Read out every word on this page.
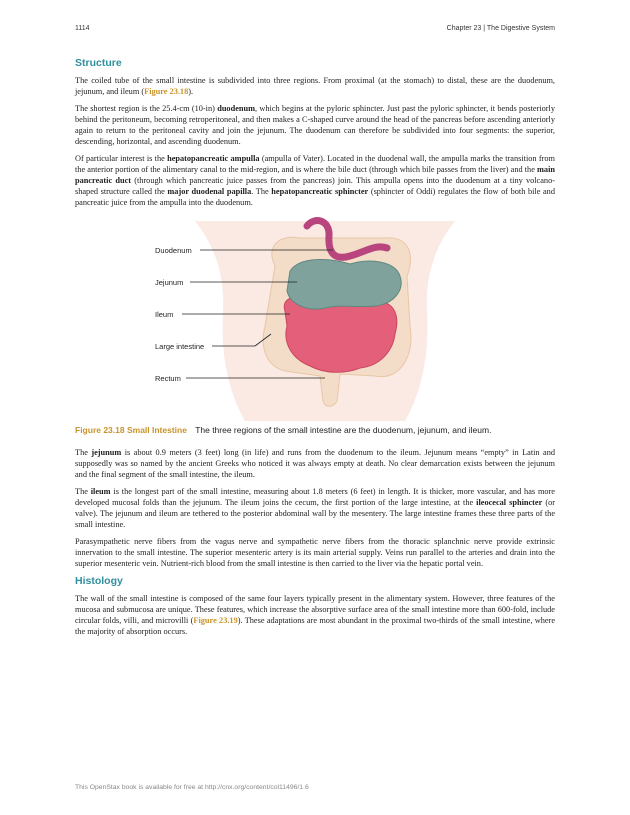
1114	Chapter 23 | The Digestive System
Structure

The coiled tube of the small intestine is subdivided into three regions. From proximal (at the stomach) to distal, these are the duodenum, jejunum, and ileum (Figure 23.18).

The shortest region is the 25.4-cm (10-in) duodenum, which begins at the pyloric sphincter. Just past the pyloric sphincter, it bends posteriorly behind the peritoneum, becoming retroperitoneal, and then makes a C-shaped curve around the head of the pancreas before ascending anteriorly again to return to the peritoneal cavity and join the jejunum. The duodenum can therefore be subdivided into four segments: the superior, descending, horizontal, and ascending duodenum.

Of particular interest is the hepatopancreatic ampulla (ampulla of Vater). Located in the duodenal wall, the ampulla marks the transition from the anterior portion of the alimentary canal to the mid-region, and is where the bile duct (through which bile passes from the liver) and the main pancreatic duct (through which pancreatic juice passes from the pancreas) join. This ampulla opens into the duodenum at a tiny volcano-shaped structure called the major duodenal papilla. The hepatopancreatic sphincter (sphincter of Oddi) regulates the flow of both bile and pancreatic juice from the ampulla into the duodenum.

Duodenum
Jejunum
Ileum
Large intestine
Rectum
Figure 23.18 Small Intestine The three regions of the small intestine are the duodenum, jejunum, and ileum.

The jejunum is about 0.9 meters (3 feet) long (in life) and runs from the duodenum to the ileum. Jejunum means “empty” in Latin and supposedly was so named by the ancient Greeks who noticed it was always empty at death. No clear demarcation exists between the jejunum and the final segment of the small intestine, the ileum.

The ileum is the longest part of the small intestine, measuring about 1.8 meters (6 feet) in length. It is thicker, more vascular, and has more developed mucosal folds than the jejunum. The ileum joins the cecum, the first portion of the large intestine, at the ileocecal sphincter (or valve). The jejunum and ileum are tethered to the posterior abdominal wall by the mesentery. The large intestine frames these three parts of the small intestine.

Parasympathetic nerve fibers from the vagus nerve and sympathetic nerve fibers from the thoracic splanchnic nerve provide extrinsic innervation to the small intestine. The superior mesenteric artery is its main arterial supply. Veins run parallel to the arteries and drain into the superior mesenteric vein. Nutrient-rich blood from the small intestine is then carried to the liver via the hepatic portal vein.

Histology

The wall of the small intestine is composed of the same four layers typically present in the alimentary system. However, three features of the mucosa and submucosa are unique. These features, which increase the absorptive surface area of the small intestine more than 600-fold, include circular folds, villi, and microvilli (Figure 23.19). These adaptations are most abundant in the proximal two-thirds of the small intestine, where the majority of absorption occurs.

This OpenStax book is available for free at http://cnx.org/content/col11496/1.6
